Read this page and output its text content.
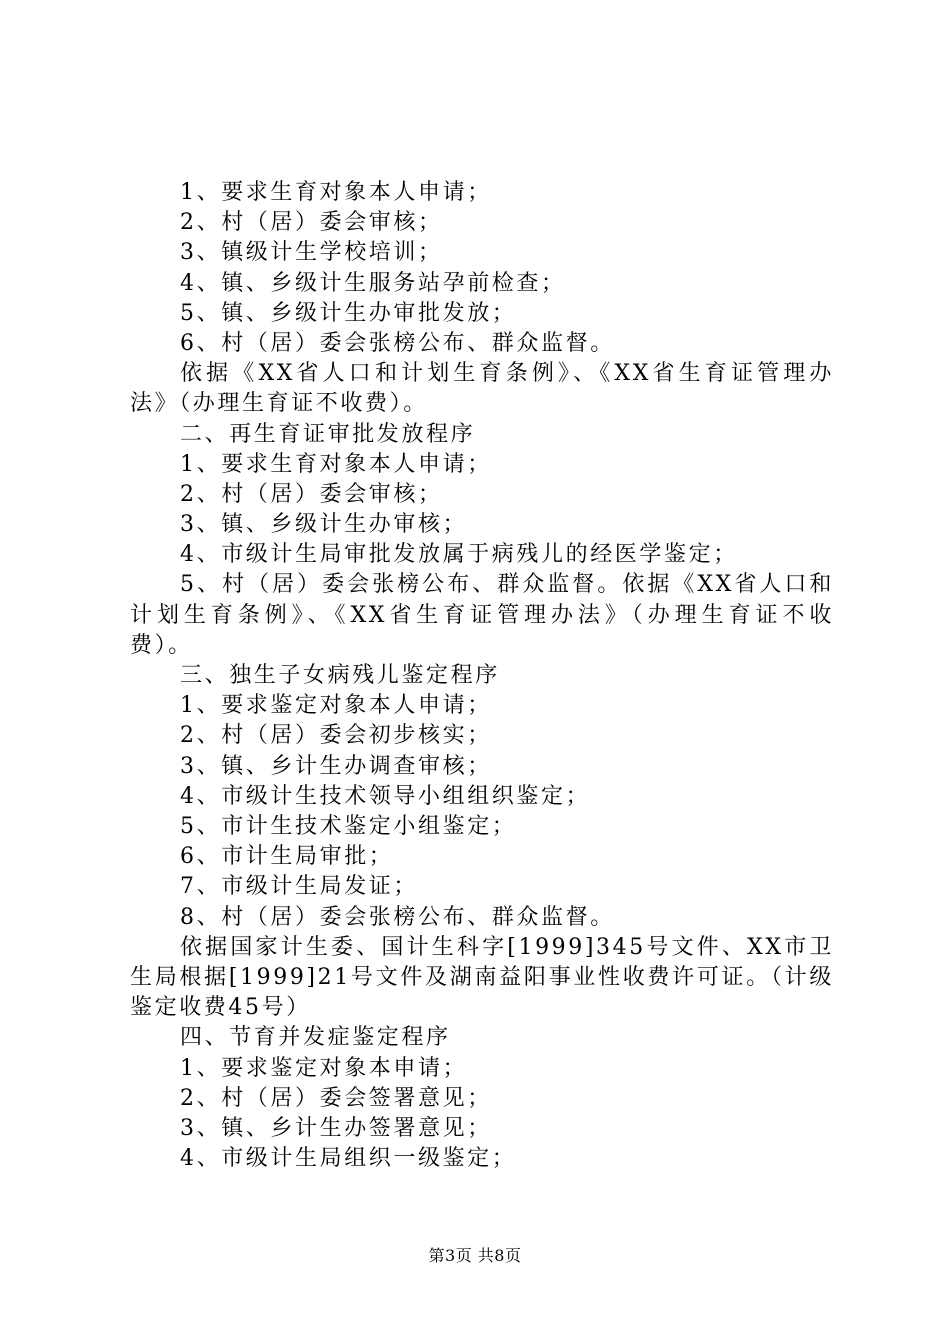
1、要求生育对象本人申请；

2、村（居）委会审核；

3、镇级计生学校培训；

4、镇、乡级计生服务站孕前检查；

5、镇、乡级计生办审批发放；

6、村（居）委会张榜公布、群众监督。

依据《XX省人口和计划生育条例》、《XX省生育证管理办法》（办理生育证不收费）。

二、再生育证审批发放程序

1、要求生育对象本人申请；

2、村（居）委会审核；

3、镇、乡级计生办审核；

4、市级计生局审批发放属于病残儿的经医学鉴定；

5、村（居）委会张榜公布、群众监督。依据《XX省人口和计划生育条例》、《XX省生育证管理办法》（办理生育证不收费）。

三、独生子女病残儿鉴定程序

1、要求鉴定对象本人申请；

2、村（居）委会初步核实；

3、镇、乡计生办调查审核；

4、市级计生技术领导小组组织鉴定；

5、市计生技术鉴定小组鉴定；

6、市计生局审批；

7、市级计生局发证；

8、村（居）委会张榜公布、群众监督。

依据国家计生委、国计生科字[1999]345号文件、XX市卫生局根据[1999]21号文件及湖南益阳事业性收费许可证。（计级鉴定收费45号）

四、节育并发症鉴定程序

1、要求鉴定对象本申请；

2、村（居）委会签署意见；

3、镇、乡计生办签署意见；

4、市级计生局组织一级鉴定；

第3页 共8页
